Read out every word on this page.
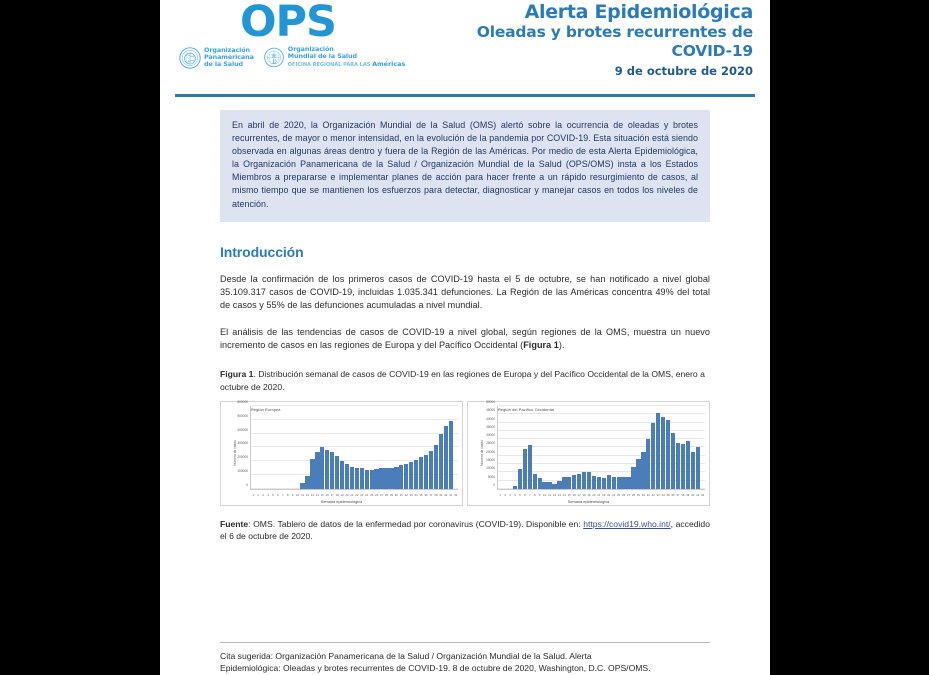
OPS
Organización
Panamericana
de la Salud
Organización
Mundial de la Salud
OFICINA REGIONAL PARA LAS Américas
Alerta Epidemiológica
Oleadas y brotes recurrentes de
COVID-19
9 de octubre de 2020

En abril de 2020, la Organización Mundial de la Salud (OMS) alertó sobre la ocurrencia de oleadas y brotes recurrentes, de mayor o menor intensidad, en la evolución de la pandemia por COVID-19. Esta situación está siendo observada en algunas áreas dentro y fuera de la Región de las Américas. Por medio de esta Alerta Epidemiológica, la Organización Panamericana de la Salud / Organización Mundial de la Salud (OPS/OMS) insta a los Estados Miembros a prepararse e implementar planes de acción para hacer frente a un rápido resurgimiento de casos, al mismo tiempo que se mantienen los esfuerzos para detectar, diagnosticar y manejar casos en todos los niveles de atención.

Introducción

Desde la confirmación de los primeros casos de COVID-19 hasta el 5 de octubre, se han notificado a nivel global 35.109.317 casos de COVID-19, incluidas 1.035.341 defunciones. La Región de las Américas concentra 49% del total de casos y 55% de las defunciones acumuladas a nivel mundial.

El análisis de las tendencias de casos de COVID-19 a nivel global, según regiones de la OMS, muestra un nuevo incremento de casos en las regiones de Europa y del Pacífico Occidental (Figura 1).

Figura 1. Distribución semanal de casos de COVID-19 en las regiones de Europa y del Pacífico Occidental de la OMS, enero a octubre de 2020.

Número de casos
Región Europea
0
100000
200000
300000
400000
500000
600000
1	2	3	4	5	6	7	8	9 10 11 12 13 14 15 16 17 18 19 20 21 22 23 24 25 26 27 28 29 30 31 32 33 34 35 36 37 38 39 40 41 42
Semana epidemiológica
Número de casos
Región del Pacífico Occidental
0
5000
10000
15000
20000
25000
30000
35000
40000
45000
50000
1	2	3	4	5	6	7	8	9 10 11 12 13 14 15 16 17 18 19 20 21 22 23 24 25 26 27 28 29 30 31 32 33 34 35 36 37 38 39 40 41 42
Semana epidemiológica

Fuente: OMS. Tablero de datos de la enfermedad por coronavirus (COVID-19). Disponible en: https://covid19.who.int/, accedido el 6 de octubre de 2020.

Cita sugerida: Organización Panamericana de la Salud / Organización Mundial de la Salud. Alerta

Epidemiológica: Oleadas y brotes recurrentes de COVID-19. 8 de octubre de 2020, Washington, D.C. OPS/OMS.
